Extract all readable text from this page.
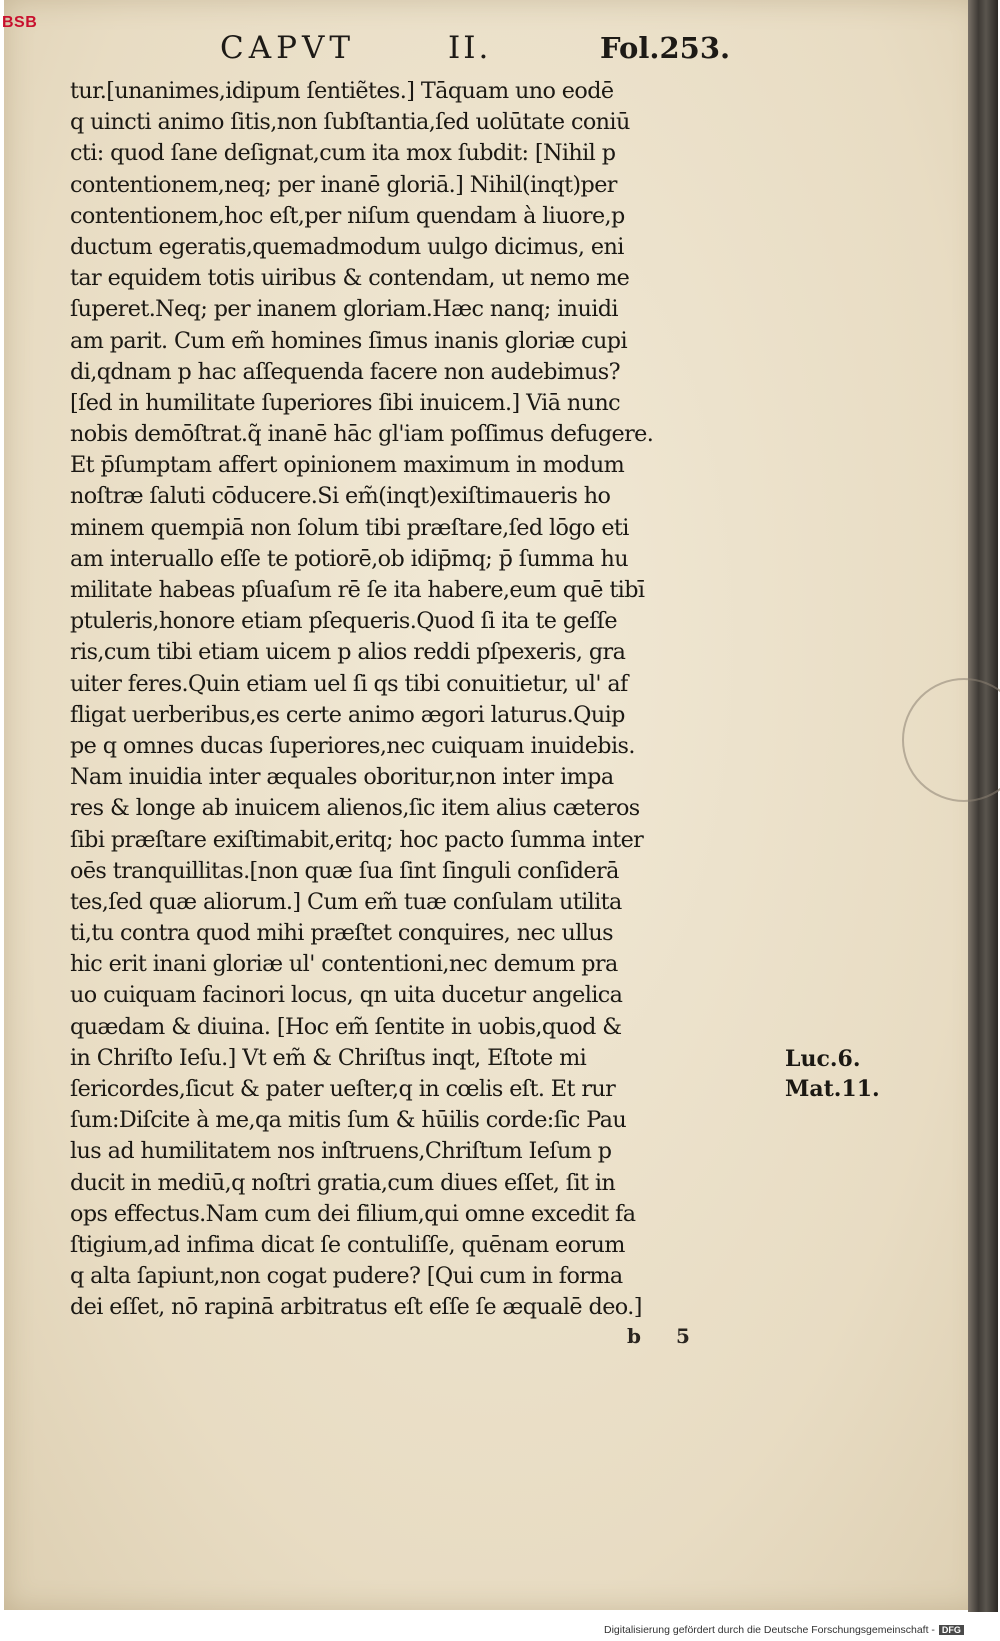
BSB
CAPVT	II.	Fol.253.
tur.[unanimes,idipum ſentiẽtes.] Tāquam uno eodē
q uincti animo ſitis,non ſubſtantia,ſed uolūtate coniū
cti: quod ſane deſignat,cum ita mox ſubdit: [Nihil p
contentionem,neq; per inanē gloriā.] Nihil(inqt)per
contentionem,hoc eſt,per niſum quendam à liuore,p
ductum egeratis,quemadmodum uulgo dicimus, eni
tar equidem totis uiribus & contendam, ut nemo me
ſuperet.Neq; per inanem gloriam.Hæc nanq; inuidi
am parit. Cum em̃ homines ſimus inanis gloriæ cupi
di,qdnam p hac aſſequenda facere non audebimus?
[ſed in humilitate ſuperiores ſibi inuicem.] Viā nunc
nobis demōſtrat.q̃ inanē hāc gl'iam poſſimus defugere.
Et p̄ſumptam affert opinionem maximum in modum
noſtræ ſaluti cōducere.Si em̃(inqt)exiſtimaueris ho
minem quempiā non ſolum tibi præſtare,ſed lōgo eti
am interuallo eſſe te potiorē,ob idip̄mq; p̄ ſumma hu
militate habeas pſuaſum rē ſe ita habere,eum quē tibī
ptuleris,honore etiam pſequeris.Quod ſi ita te geſſe
ris,cum tibi etiam uicem p alios reddi pſpexeris, gra
uiter feres.Quin etiam uel ſi qs tibi conuitietur, ul' af
fligat uerberibus,es certe animo ægori laturus.Quip
pe q omnes ducas ſuperiores,nec cuiquam inuidebis.
Nam inuidia inter æquales oboritur,non inter impa
res & longe ab inuicem alienos,ſic item alius cæteros
ſibi præſtare exiſtimabit,eritq; hoc pacto ſumma inter
oēs tranquillitas.[non quæ ſua ſint ſinguli conſiderā
tes,ſed quæ aliorum.] Cum em̃ tuæ conſulam utilita
ti,tu contra quod mihi præſtet conquires, nec ullus
hic erit inani gloriæ ul' contentioni,nec demum pra
uo cuiquam facinori locus, qn uita ducetur angelica
quædam & diuina. [Hoc em̃ ſentite in uobis,quod &
in Chriſto Ieſu.] Vt em̃ & Chriſtus inqt, Eſtote mi
ſericordes,ſicut & pater ueſter,q in cœlis eſt. Et rur
ſum:Diſcite à me,qa mitis ſum & hūilis corde:ſic Pau
lus ad humilitatem nos inſtruens,Chriſtum Ieſum p
ducit in mediū,q noſtri gratia,cum diues eſſet, ſit in
ops effectus.Nam cum dei filium,qui omne excedit fa
ſtigium,ad infima dicat ſe contuliſſe, quēnam eorum
q alta ſapiunt,non cogat pudere? [Qui cum in forma
dei eſſet, nō rapinā arbitratus eſt eſſe ſe æqualē deo.]
Luc.6.
Mat.11.
b 5
Digitalisierung gefördert durch die Deutsche Forschungsgemeinschaft - DFG
